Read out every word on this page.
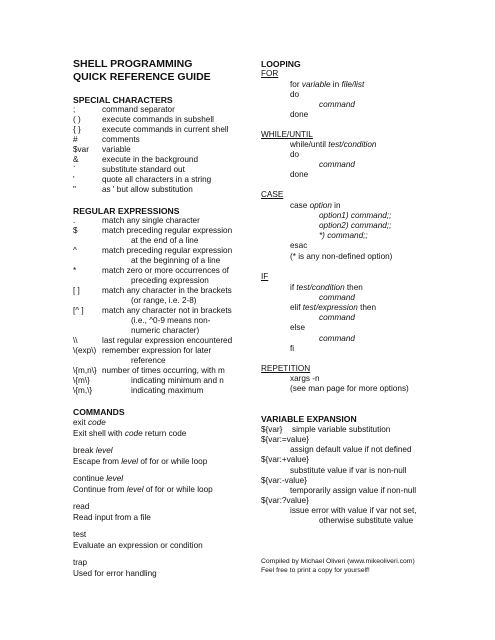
SHELL PROGRAMMING
QUICK REFERENCE GUIDE
SPECIAL CHARACTERS
;	command separator
( )	execute commands in subshell
{ }	execute commands in current shell
#	comments
$var variable
&	execute in the background
`	substitute standard out
'	quote all characters in a string
"	as ' but allow substitution
REGULAR EXPRESSIONS
.	match any single character
$	match preceding regular expression
at the end of a line
^	match preceding regular expression
at the beginning of a line
*	match zero or more occurrences of
preceding expression
[ ]	match any character in the brackets
(or range, i.e. 2-8)
[^ ] match any character not in brackets
(i.e., ^0-9 means non-
numeric character)
\\	last regular expression encountered
\(exp\) remember expression for later
reference
\{m,n\} number of times occurring, with m
\{m\}	indicating minimum and n
\{m,\}	indicating maximum
COMMANDS
exit code
Exit shell with code return code
break level
Escape from level of for or while loop
continue level
Continue from level of for or while loop
read
Read input from a file
test
Evaluate an expression or condition
trap
Used for error handling
LOOPING
FOR
for variable in file/list
do
command
done
WHILE/UNTIL
while/until test/condition
do
command
done
CASE
case option in
option1) command;;
option2) command;;
*) command;;
esac
(* is any non-defined option)
IF
if test/condition then
command
elif test/expression then
command
else
command
fi
REPETITION
xargs -n
(see man page for more options)
VARIABLE EXPANSION
${var} simple variable substitution
${var:=value}
assign default value if not defined
${var:+value}
substitute value if var is non-null
${var:-value}
temporarily assign value if non-null
${var:?value}
issue error with value if var not set,
otherwise substitute value
Compiled by Michael Oliveri (www.mikeoliveri.com)
Feel free to print a copy for yourself!
